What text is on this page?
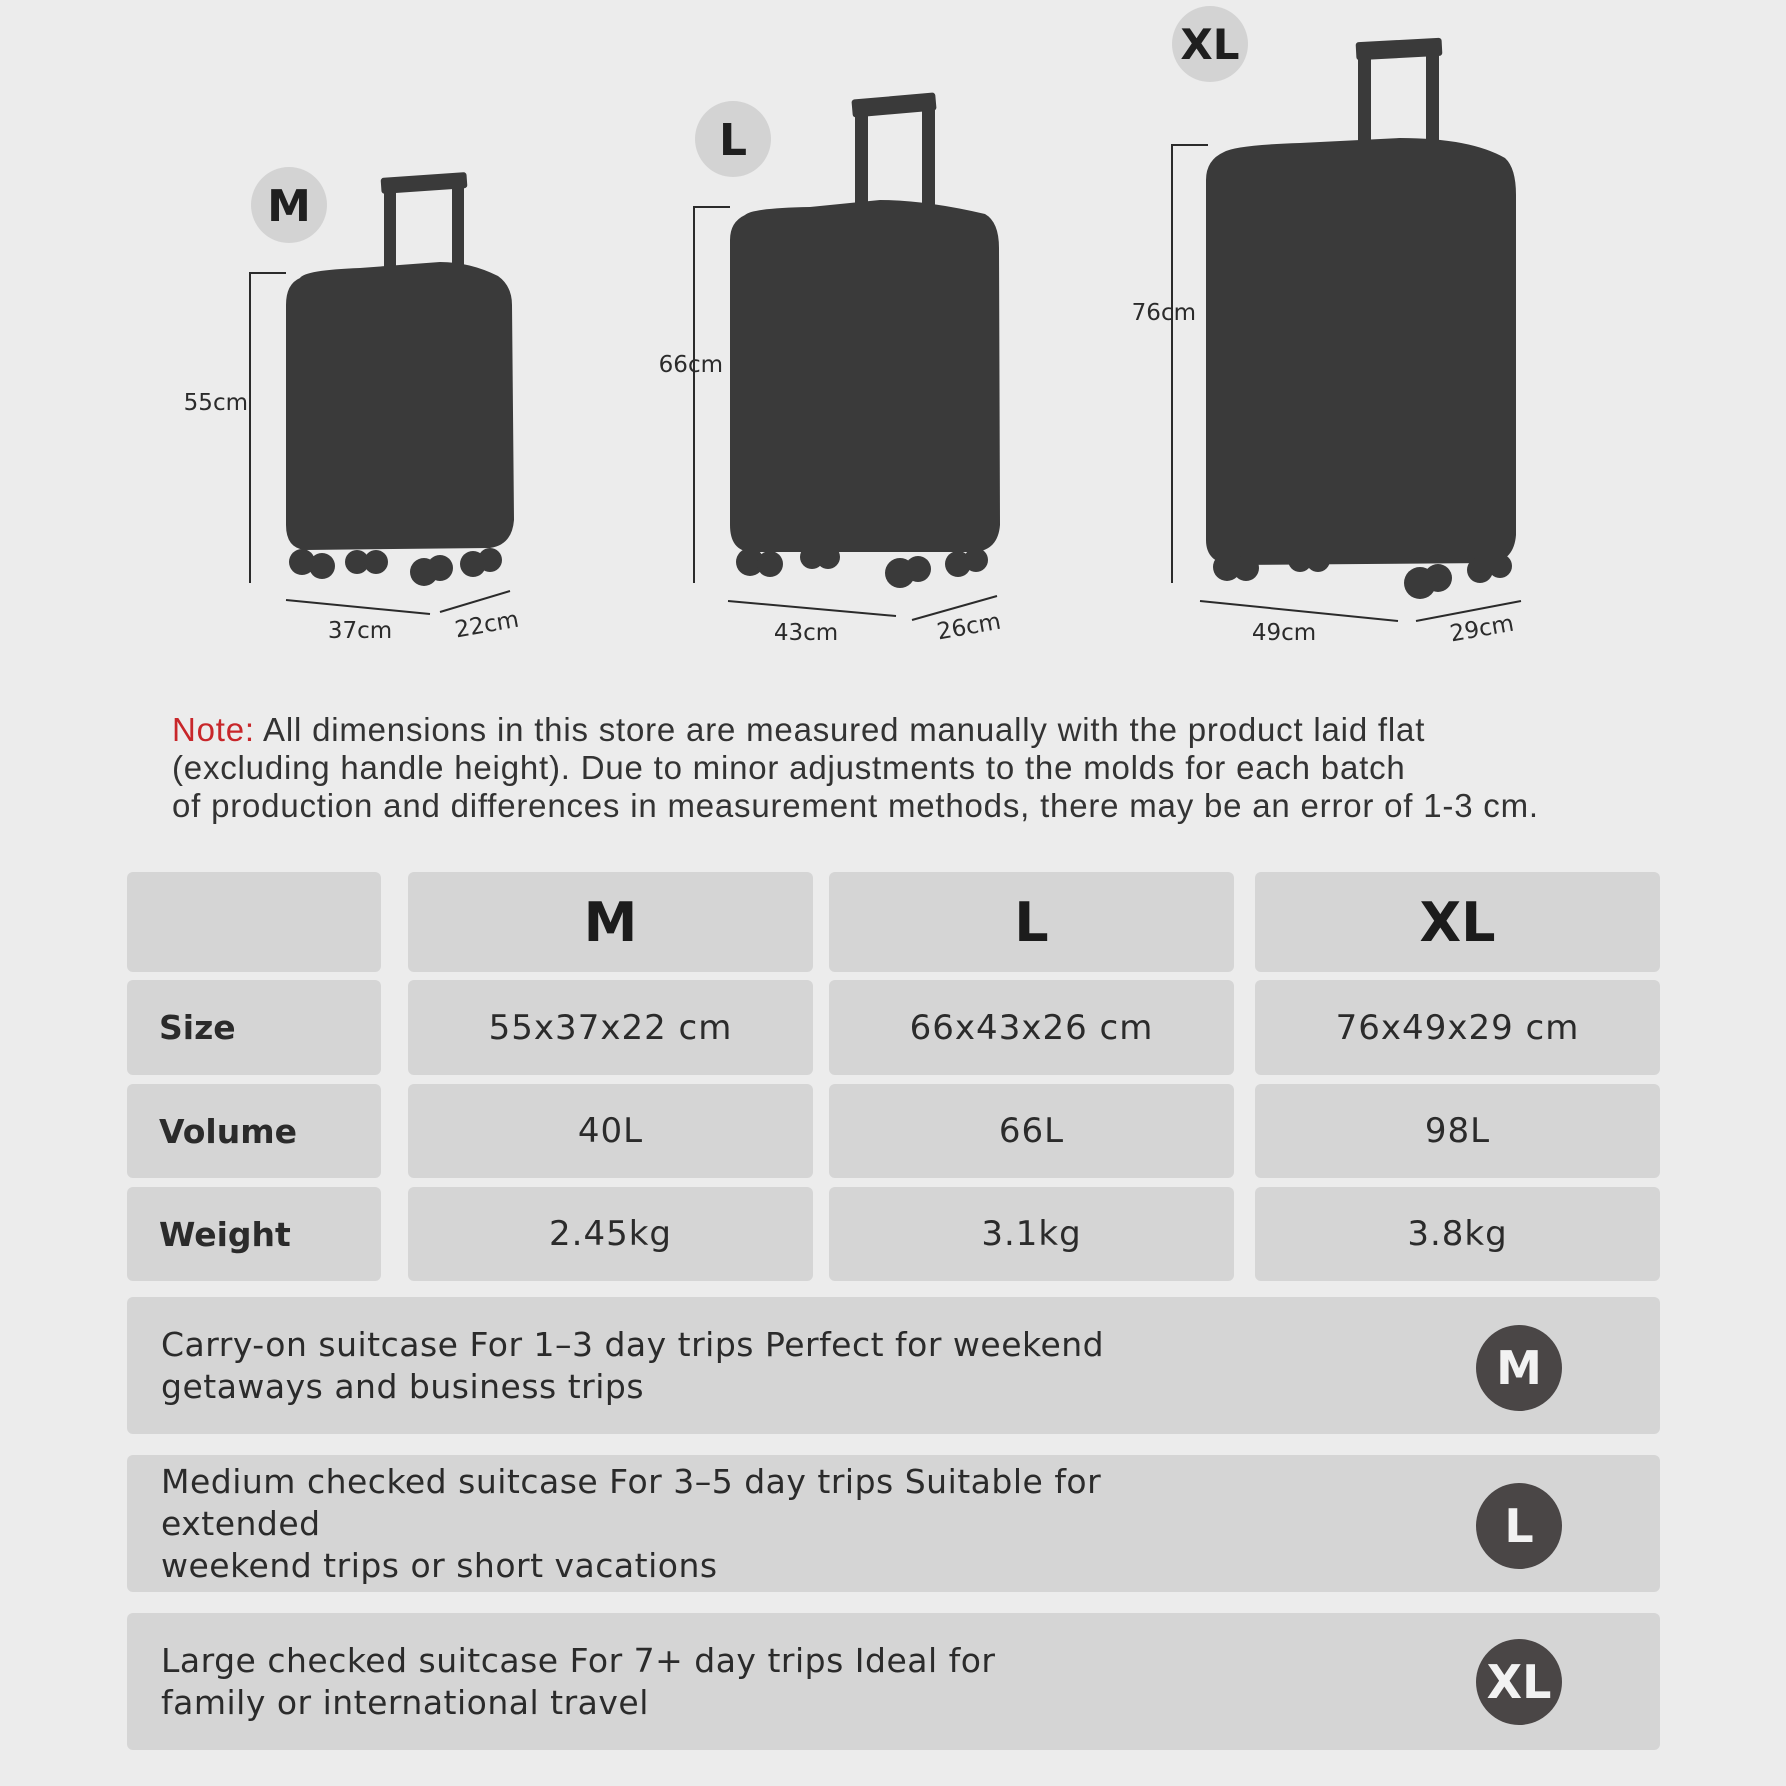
M
55cm
37cm	22cm
L
66cm
43cm	26cm
XL
76cm
49cm	29cm

Note: All dimensions in this store are measured manually with the product laid flat
(excluding handle height). Due to minor adjustments to the molds for each batch
of production and differences in measurement methods, there may be an error of 1-3 cm.

M	L	XL
Size	55x37x22 cm	66x43x26 cm	76x49x29 cm
Volume	40L	66L	98L
Weight	2.45kg	3.1kg	3.8kg
Carry-on suitcase For 1–3 day trips Perfect for weekend
getaways and business trips	M
Medium checked suitcase For 3–5 day trips Suitable for extended
weekend trips or short vacations
L
Large checked suitcase For 7+ day trips Ideal for
family or international travel	XL
